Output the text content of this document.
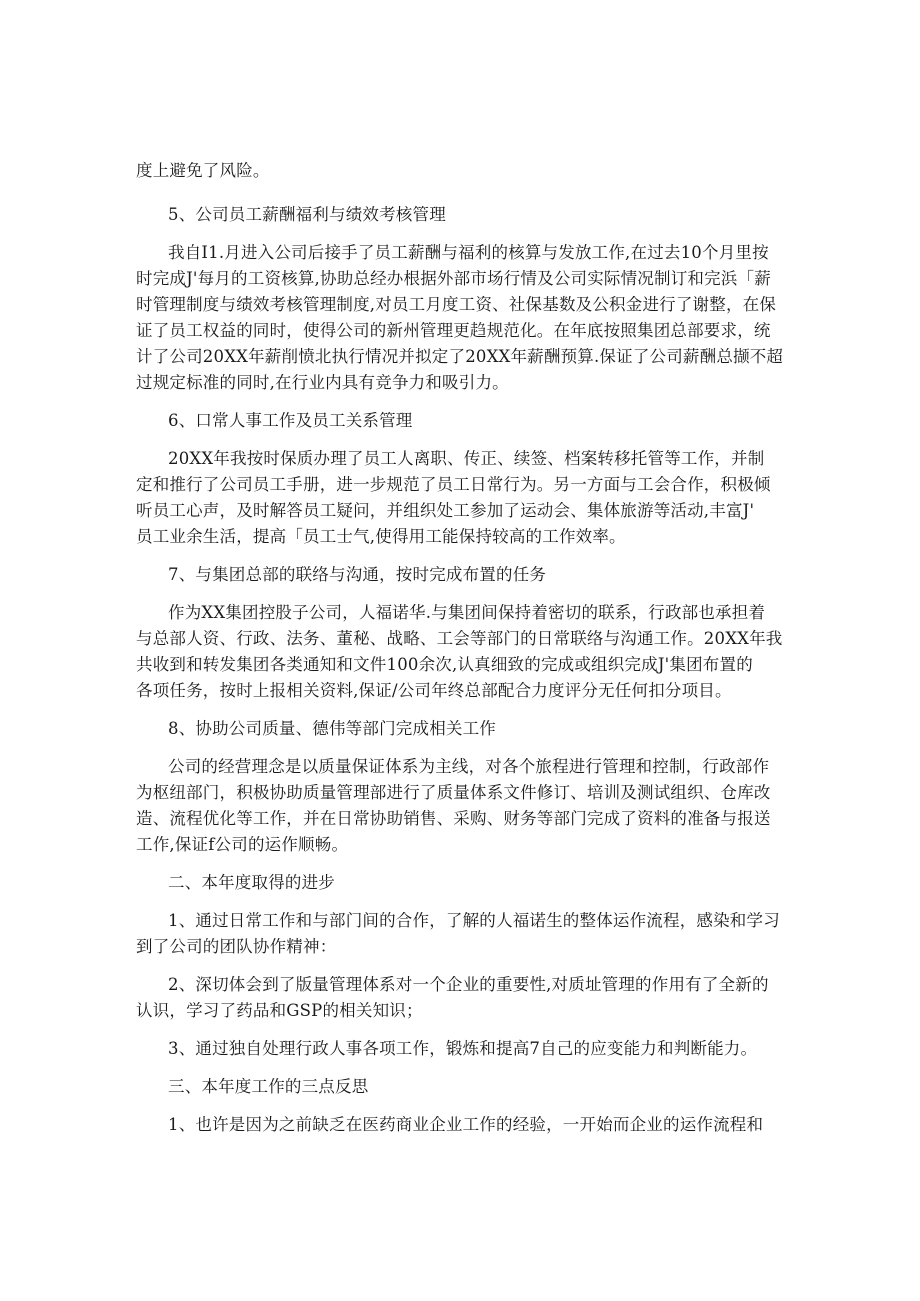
度上避免了风险。
5、公司员工薪酬福利与绩效考核管理
我自I1.月进入公司后接手了员工薪酬与福利的核算与发放工作,在过去10个月里按
时完成J'每月的工资核算,协助总经办根据外部市场行情及公司实际情况制订和完浜「薪
时管理制度与绩效考核管理制度,对员工月度工资、社保基数及公积金进行了谢整，在保
证了员工权益的同时，使得公司的新州管理更趋规范化。在年底按照集团总部要求，统
计了公司20XX年薪削愤北执行情况并拟定了20XX年薪酬预算.保证了公司薪酬总撷不超
过规定标准的同时,在行业内具有竞争力和吸引力。
6、口常人事工作及员工关系管理
20XX年我按时保质办理了员工人离职、传正、续签、档案转移托管等工作，并制
定和推行了公司员工手册，进一步规范了员工日常行为。另一方面与工会合作，积极倾
听员工心声，及时解答员工疑问，并组织处工参加了运动会、集体旅游等活动,丰富J'
员工业余生活，提高「员工士气,使得用工能保持较高的工作效率。
7、与集团总部的联络与沟通，按时完成布置的任务
作为XX集团控股子公司，人福诺华.与集团间保持着密切的联系，行政部也承担着
与总部人资、行政、法务、董秘、战略、工会等部门的日常联络与沟通工作。20XX年我
共收到和转发集团各类通知和文件100余次,认真细致的完成或组织完成J'集团布置的
各项任务，按时上报相关资料,保证/公司年终总部配合力度评分无任何扣分项目。
8、协助公司质量、德伟等部门完成相关工作
公司的经营理念是以质量保证体系为主线，对各个旅程进行管理和控制，行政部作
为枢纽部门，积极协助质量管理部进行了质量体系文件修订、培训及测试组织、仓库改
造、流程优化等工作，并在日常协助销售、采购、财务等部门完成了资料的准备与报送
工作,保证f公司的运作顺畅。
二、本年度取得的进步
1、通过日常工作和与部门间的合作，了解的人福诺生的整体运作流程，感染和学习
到了公司的团队协作精神：
2、深切体会到了版量管理体系对一个企业的重要性,对质址管理的作用有了全新的
认识，学习了药品和GSP的相关知识；
3、通过独自处理行政人事各项工作，锻炼和提高7自己的应变能力和判断能力。
三、本年度工作的三点反思
1、也许是因为之前缺乏在医药商业企业工作的经验，一开始而企业的运作流程和
